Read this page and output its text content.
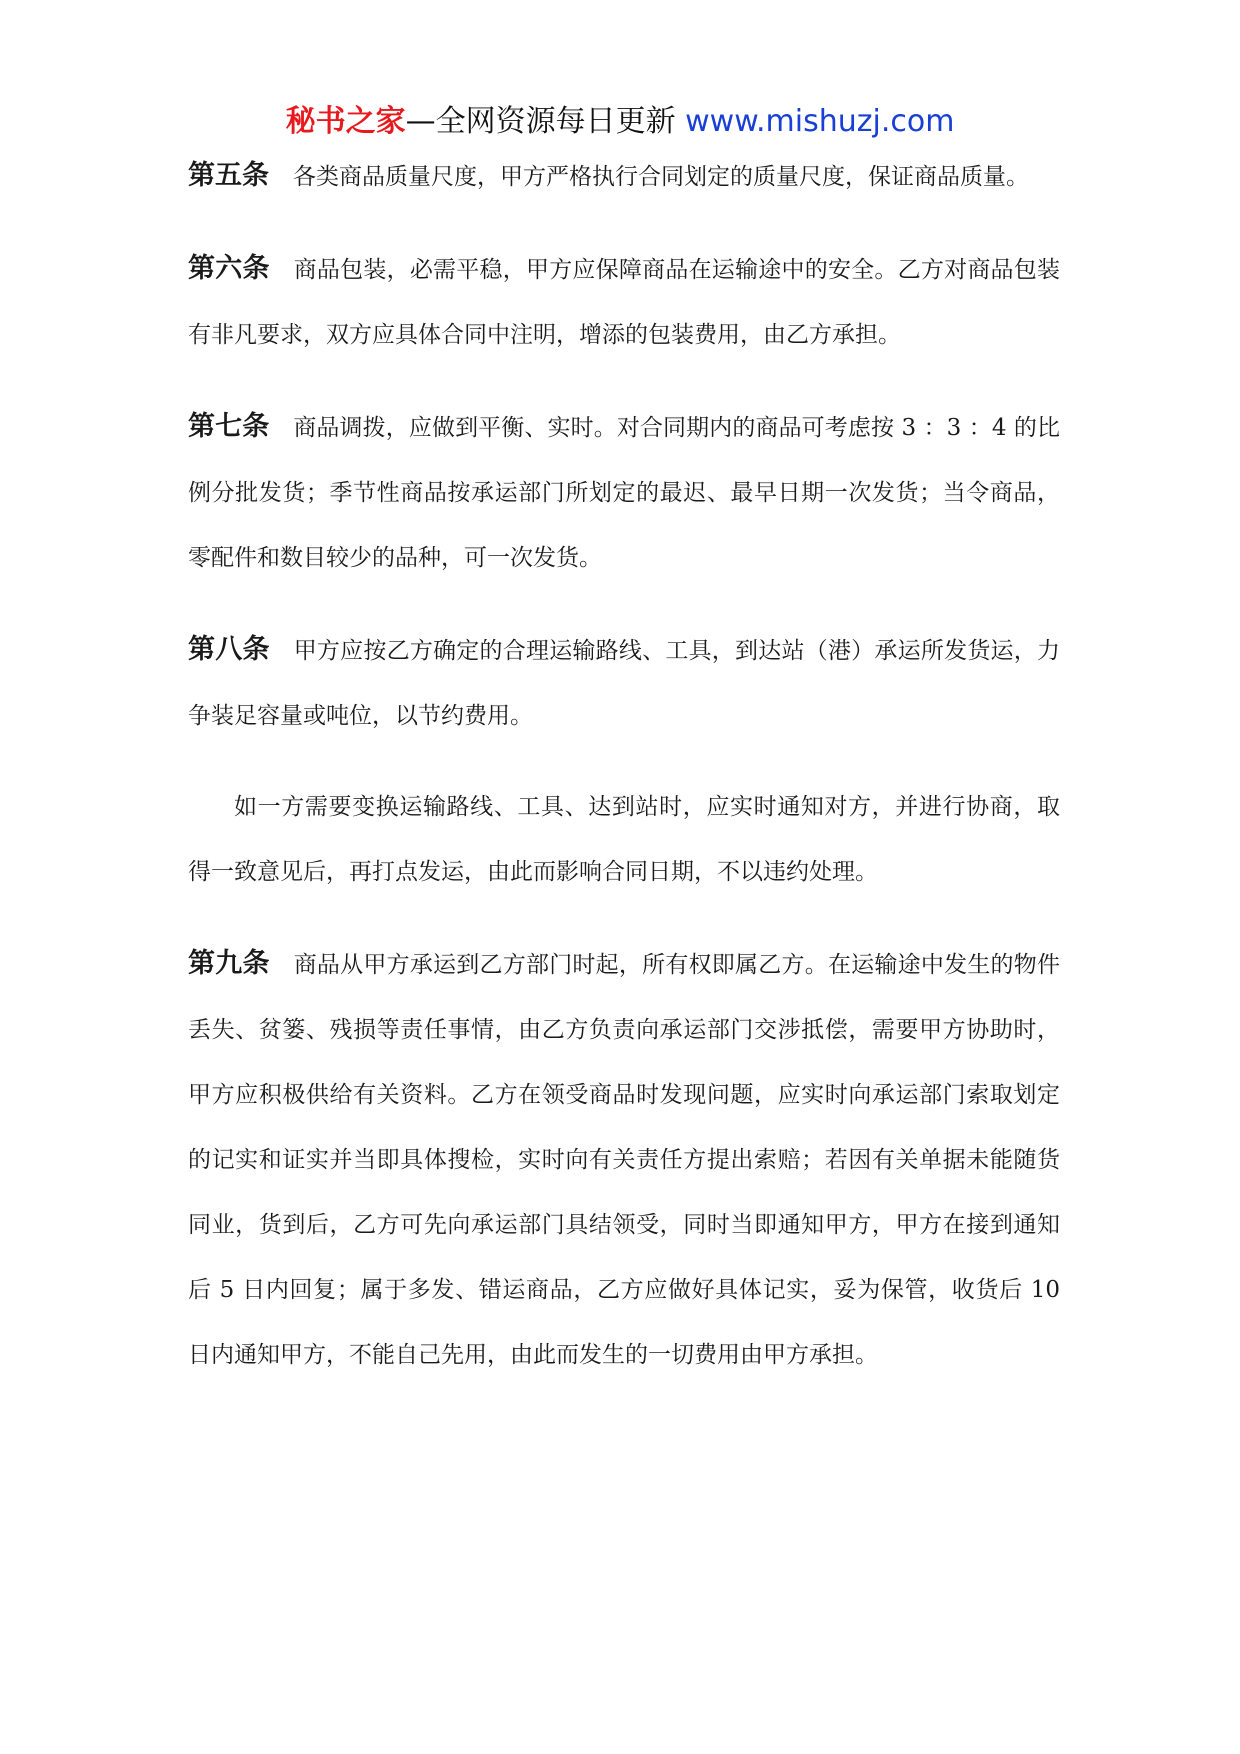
秘书之家—全网资源每日更新 www.mishuzj.com

第五条 各类商品质量尺度，甲方严格执行合同划定的质量尺度，保证商品质量。

第六条 商品包装，必需平稳，甲方应保障商品在运输途中的安全。乙方对商品包装有非凡要求，双方应具体合同中注明，增添的包装费用，由乙方承担。

第七条 商品调拨，应做到平衡、实时。对合同期内的商品可考虑按 3 ：3 ：4 的比例分批发货；季节性商品按承运部门所划定的最迟、最早日期一次发货；当令商品，零配件和数目较少的品种，可一次发货。

第八条 甲方应按乙方确定的合理运输路线、工具，到达站（港）承运所发货运，力争装足容量或吨位，以节约费用。

如一方需要变换运输路线、工具、达到站时，应实时通知对方，并进行协商，取得一致意见后，再打点发运，由此而影响合同日期，不以违约处理。

第九条 商品从甲方承运到乙方部门时起，所有权即属乙方。在运输途中发生的物件丢失、贫篓、残损等责任事情，由乙方负责向承运部门交涉抵偿，需要甲方协助时，甲方应积极供给有关资料。乙方在领受商品时发现问题，应实时向承运部门索取划定的记实和证实并当即具体搜检，实时向有关责任方提出索赔；若因有关单据未能随货同业，货到后，乙方可先向承运部门具结领受，同时当即通知甲方，甲方在接到通知后 5 日内回复；属于多发、错运商品，乙方应做好具体记实，妥为保管，收货后 10 日内通知甲方，不能自己先用，由此而发生的一切费用由甲方承担。
